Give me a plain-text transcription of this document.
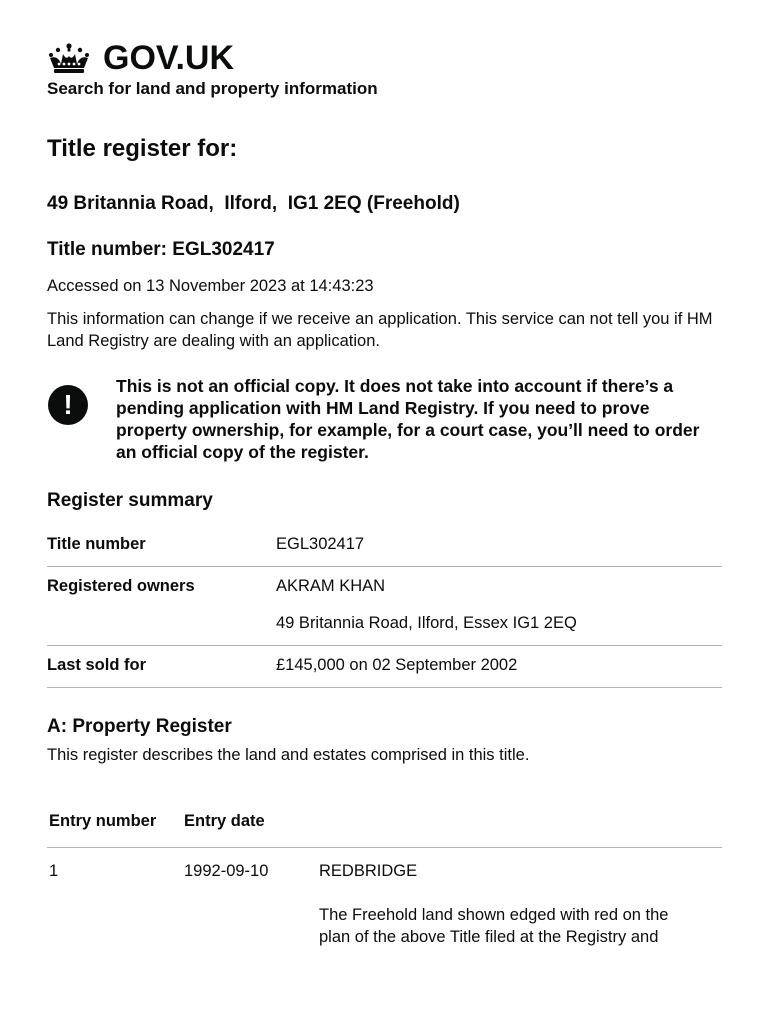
GOV.UK
Search for land and property information
Title register for:
49 Britannia Road,  Ilford,  IG1 2EQ (Freehold)
Title number: EGL302417
Accessed on 13 November 2023 at 14:43:23
This information can change if we receive an application. This service can not tell you if HM Land Registry are dealing with an application.
!
This is not an official copy. It does not take into account if there’s a pending application with HM Land Registry. If you need to prove property ownership, for example, for a court case, you’ll need to order an official copy of the register.
Register summary
Title number	EGL302417
Registered owners	AKRAM KHAN
49 Britannia Road, Ilford, Essex IG1 2EQ
Last sold for	£145,000 on 02 September 2002
A: Property Register
This register describes the land and estates comprised in this title.
Entry number	Entry date
1	1992-09-10	REDBRIDGE
The Freehold land shown edged with red on the
plan of the above Title filed at the Registry and
